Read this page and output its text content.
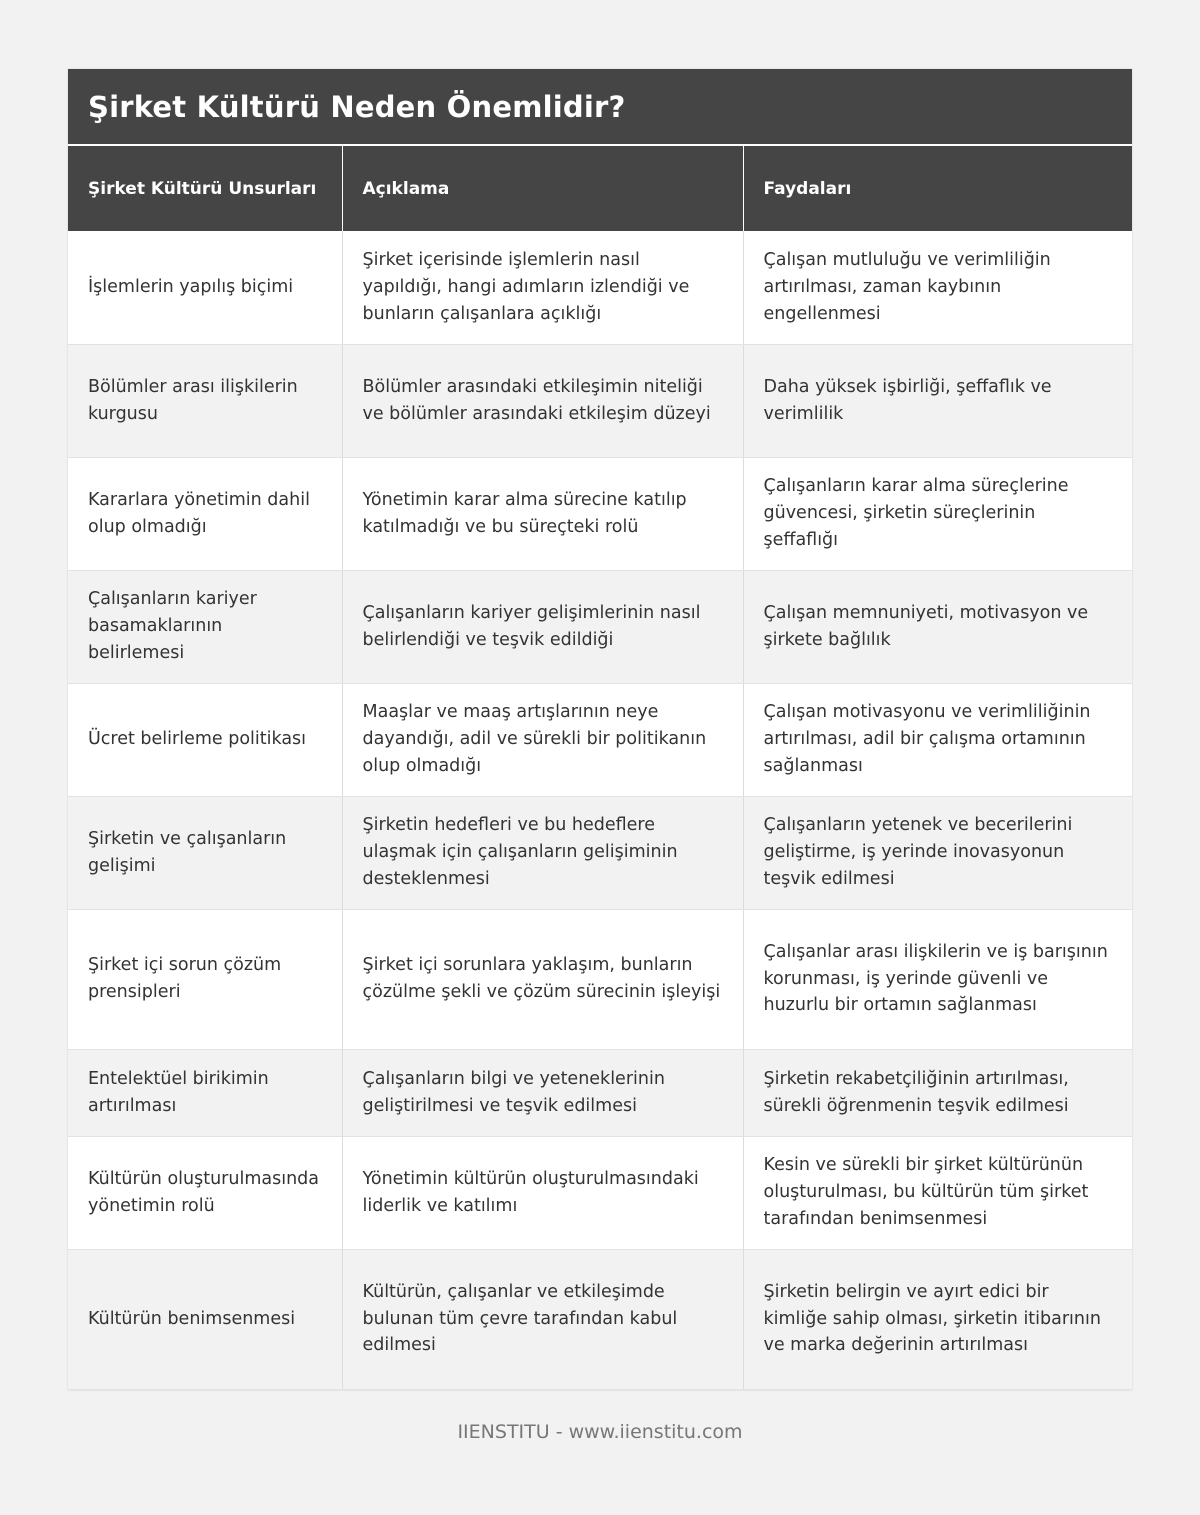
Şirket Kültürü Neden Önemlidir?
Şirket Kültürü Unsurları	Açıklama	Faydaları
İşlemlerin yapılış biçimi	Şirket içerisinde işlemlerin nasıl yapıldığı, hangi adımların izlendiği ve bunların çalışanlara açıklığı	Çalışan mutluluğu ve verimliliğin artırılması, zaman kaybının engellenmesi
Bölümler arası ilişkilerin kurgusu	Bölümler arasındaki etkileşimin niteliği ve bölümler arasındaki etkileşim düzeyi	Daha yüksek işbirliği, şeffaflık ve verimlilik
Kararlara yönetimin dahil olup olmadığı	Yönetimin karar alma sürecine katılıp katılmadığı ve bu süreçteki rolü	Çalışanların karar alma süreçlerine güvencesi, şirketin süreçlerinin şeffaflığı
Çalışanların kariyer basamaklarının belirlemesi	Çalışanların kariyer gelişimlerinin nasıl belirlendiği ve teşvik edildiği	Çalışan memnuniyeti, motivasyon ve şirkete bağlılık
Ücret belirleme politikası	Maaşlar ve maaş artışlarının neye dayandığı, adil ve sürekli bir politikanın olup olmadığı	Çalışan motivasyonu ve verimliliğinin artırılması, adil bir çalışma ortamının sağlanması
Şirketin ve çalışanların gelişimi	Şirketin hedefleri ve bu hedeflere ulaşmak için çalışanların gelişiminin desteklenmesi	Çalışanların yetenek ve becerilerini geliştirme, iş yerinde inovasyonun teşvik edilmesi
Şirket içi sorun çözüm prensipleri	Şirket içi sorunlara yaklaşım, bunların çözülme şekli ve çözüm sürecinin işleyişi	Çalışanlar arası ilişkilerin ve iş barışının korunması, iş yerinde güvenli ve huzurlu bir ortamın sağlanması
Entelektüel birikimin artırılması	Çalışanların bilgi ve yeteneklerinin geliştirilmesi ve teşvik edilmesi	Şirketin rekabetçiliğinin artırılması, sürekli öğrenmenin teşvik edilmesi
Kültürün oluşturulmasında yönetimin rolü	Yönetimin kültürün oluşturulmasındaki liderlik ve katılımı	Kesin ve sürekli bir şirket kültürünün oluşturulması, bu kültürün tüm şirket tarafından benimsenmesi
Kültürün benimsenmesi	Kültürün, çalışanlar ve etkileşimde bulunan tüm çevre tarafından kabul edilmesi	Şirketin belirgin ve ayırt edici bir kimliğe sahip olması, şirketin itibarının ve marka değerinin artırılması
IIENSTITU - www.iienstitu.com
